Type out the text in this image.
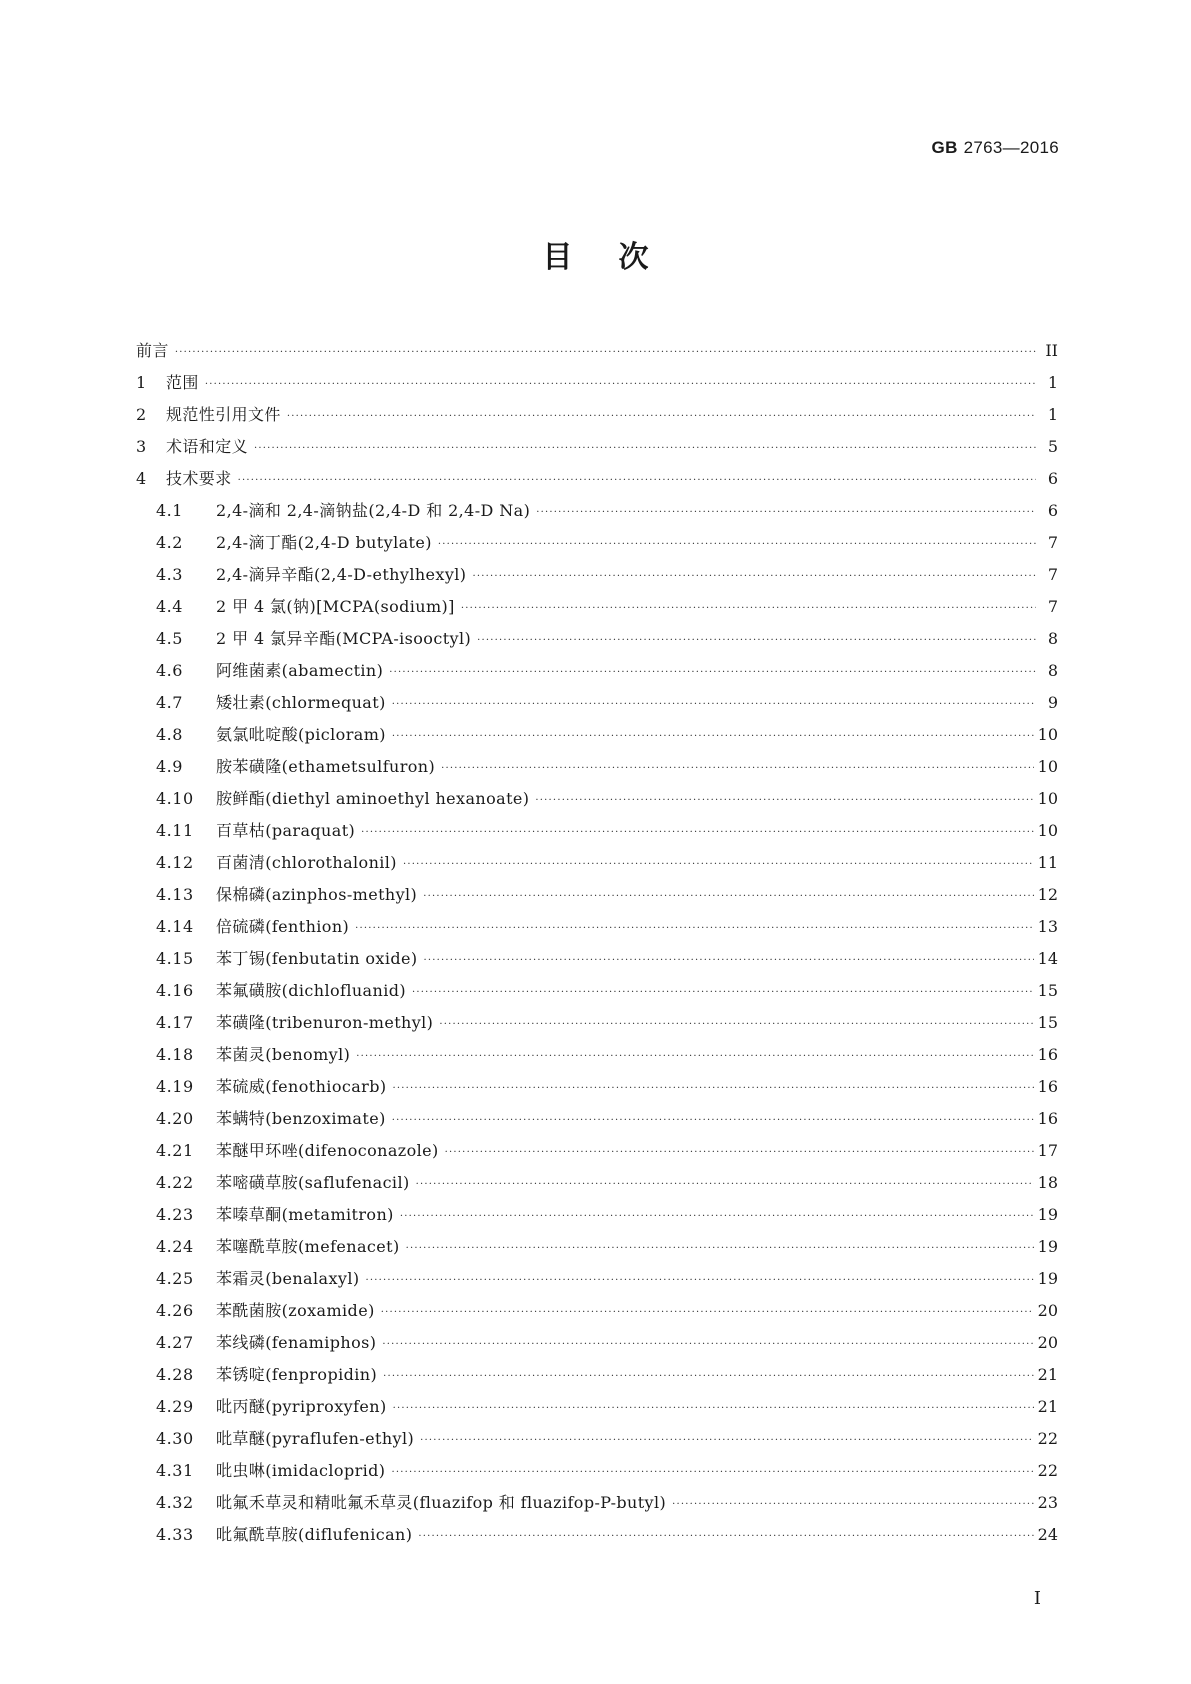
GB 2763—2016
目 次
前言 ·····	II
1	范围 ·····	1
2	规范性引用文件 ·····	1
3	术语和定义 ·····	5
4	技术要求 ·····	6
4.1	2,4-滴和 2,4-滴钠盐(2,4-D 和 2,4-D Na) ·····	6
4.2	2,4-滴丁酯(2,4-D butylate) ·····	7
4.3	2,4-滴异辛酯(2,4-D-ethylhexyl) ·····	7
4.4	2 甲 4 氯(钠)[MCPA(sodium)] ·····	7
4.5	2 甲 4 氯异辛酯(MCPA-isooctyl) ·····	8
4.6	阿维菌素(abamectin) ·····	8
4.7	矮壮素(chlormequat) ·····	9
4.8	氨氯吡啶酸(picloram) ·····	10
4.9	胺苯磺隆(ethametsulfuron) ·····	10
4.10	胺鲜酯(diethyl aminoethyl hexanoate) ·····	10
4.11	百草枯(paraquat) ·····	10
4.12	百菌清(chlorothalonil) ·····	11
4.13	保棉磷(azinphos-methyl) ·····	12
4.14	倍硫磷(fenthion) ·····	13
4.15	苯丁锡(fenbutatin oxide) ·····	14
4.16	苯氟磺胺(dichlofluanid) ·····	15
4.17	苯磺隆(tribenuron-methyl) ·····	15
4.18	苯菌灵(benomyl) ·····	16
4.19	苯硫威(fenothiocarb) ·····	16
4.20	苯螨特(benzoximate) ·····	16
4.21	苯醚甲环唑(difenoconazole) ·····	17
4.22	苯嘧磺草胺(saflufenacil) ·····	18
4.23	苯嗪草酮(metamitron) ·····	19
4.24	苯噻酰草胺(mefenacet) ·····	19
4.25	苯霜灵(benalaxyl) ·····	19
4.26	苯酰菌胺(zoxamide) ·····	20
4.27	苯线磷(fenamiphos) ·····	20
4.28	苯锈啶(fenpropidin) ·····	21
4.29	吡丙醚(pyriproxyfen) ·····	21
4.30	吡草醚(pyraflufen-ethyl) ·····	22
4.31	吡虫啉(imidacloprid) ·····	22
4.32	吡氟禾草灵和精吡氟禾草灵(fluazifop 和 fluazifop-P-butyl) ·····	23
4.33	吡氟酰草胺(diflufenican) ·····	24
I
